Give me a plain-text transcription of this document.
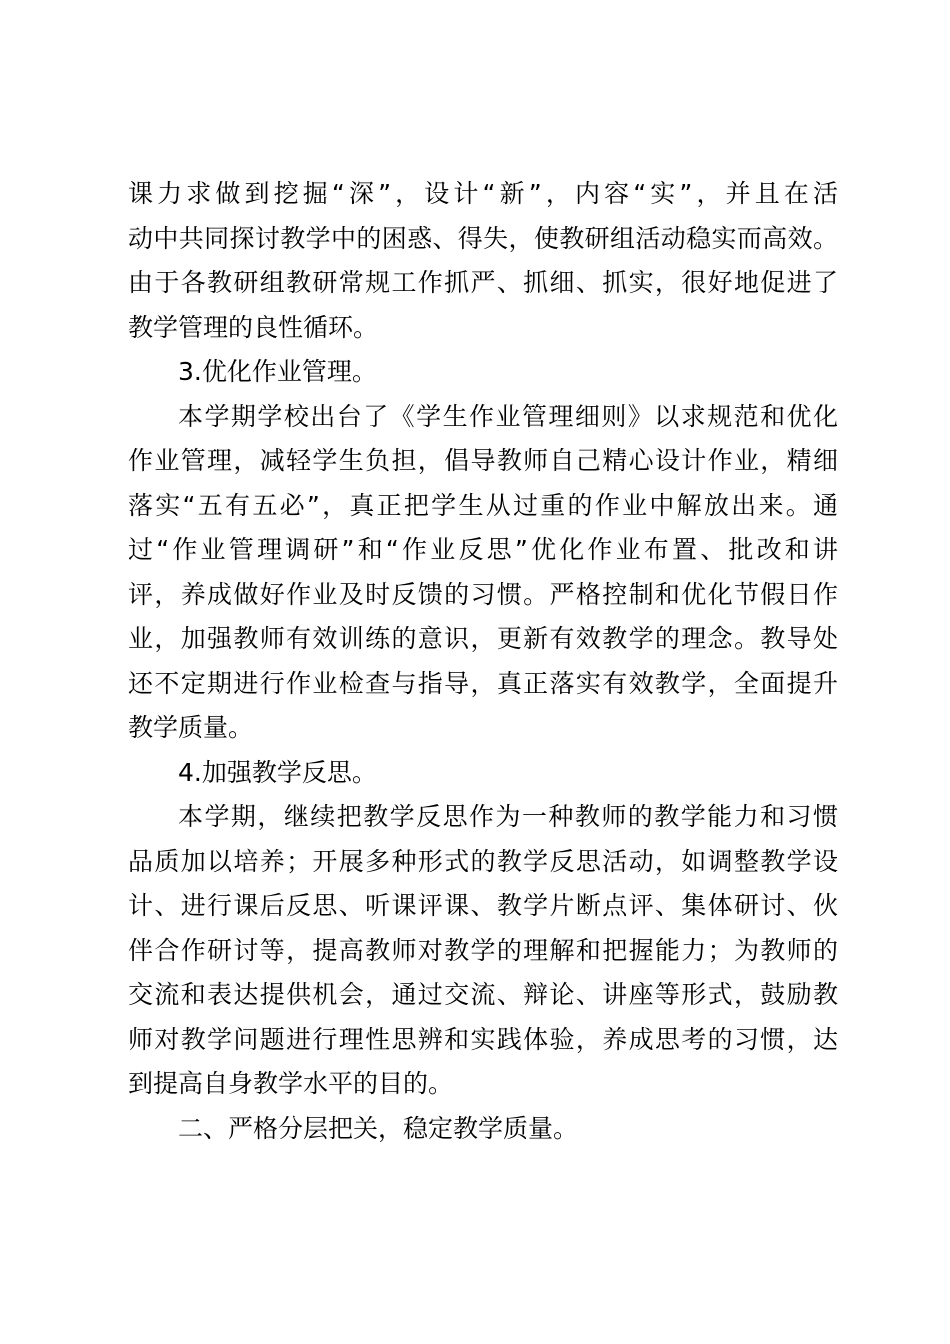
课力求做到挖掘“深”，设计“新”，内容“实”，并且在活
动中共同探讨教学中的困惑、得失，使教研组活动稳实而高效。
由于各教研组教研常规工作抓严、抓细、抓实，很好地促进了
教学管理的良性循环。
3.优化作业管理。
本学期学校出台了《学生作业管理细则》以求规范和优化
作业管理，减轻学生负担，倡导教师自己精心设计作业，精细
落实“五有五必”，真正把学生从过重的作业中解放出来。通
过“作业管理调研”和“作业反思”优化作业布置、批改和讲
评，养成做好作业及时反馈的习惯。严格控制和优化节假日作
业，加强教师有效训练的意识，更新有效教学的理念。教导处
还不定期进行作业检查与指导，真正落实有效教学，全面提升
教学质量。
4.加强教学反思。
本学期，继续把教学反思作为一种教师的教学能力和习惯
品质加以培养；开展多种形式的教学反思活动，如调整教学设
计、进行课后反思、听课评课、教学片断点评、集体研讨、伙
伴合作研讨等，提高教师对教学的理解和把握能力；为教师的
交流和表达提供机会，通过交流、辩论、讲座等形式，鼓励教
师对教学问题进行理性思辨和实践体验，养成思考的习惯，达
到提高自身教学水平的目的。
二、严格分层把关，稳定教学质量。
